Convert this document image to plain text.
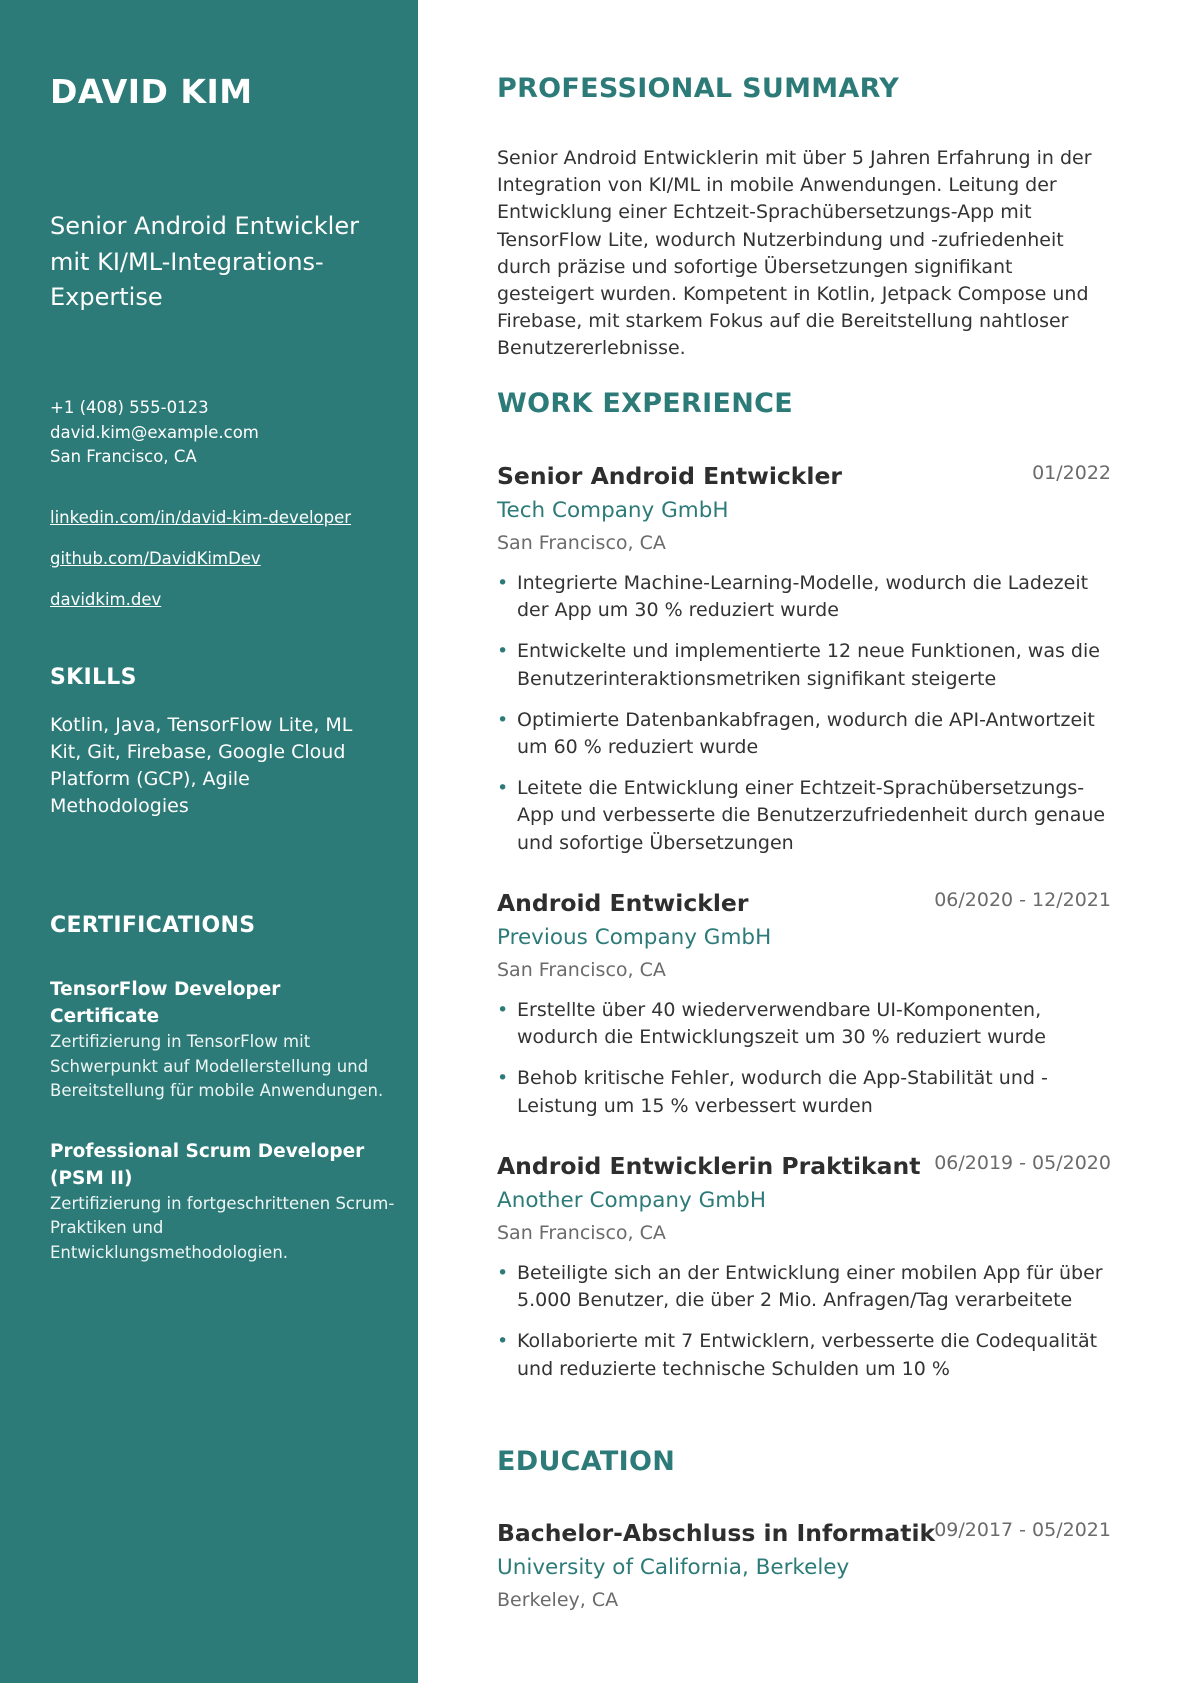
DAVID KIM
Senior Android Entwickler mit KI/ML-Integrations-Expertise
+1 (408) 555-0123
david.kim@example.com
San Francisco, CA
linkedin.com/in/david-kim-developer
github.com/DavidKimDev
davidkim.dev
SKILLS
Kotlin, Java, TensorFlow Lite, ML Kit, Git, Firebase, Google Cloud Platform (GCP), Agile Methodologies
CERTIFICATIONS
TensorFlow Developer Certificate
Zertifizierung in TensorFlow mit Schwerpunkt auf Modellerstellung und Bereitstellung für mobile Anwendungen.
Professional Scrum Developer (PSM II)
Zertifizierung in fortgeschrittenen Scrum-Praktiken und Entwicklungsmethodologien.
PROFESSIONAL SUMMARY

Senior Android Entwicklerin mit über 5 Jahren Erfahrung in der Integration von KI/ML in mobile Anwendungen. Leitung der Entwicklung einer Echtzeit-Sprachübersetzungs-App mit TensorFlow Lite, wodurch Nutzerbindung und -zufriedenheit durch präzise und sofortige Übersetzungen signifikant gesteigert wurden. Kompetent in Kotlin, Jetpack Compose und Firebase, mit starkem Fokus auf die Bereitstellung nahtloser Benutzererlebnisse.

WORK EXPERIENCE
Senior Android Entwickler	01/2022
Tech Company GmbH
San Francisco, CA
• Integrierte Machine-Learning-Modelle, wodurch die Ladezeit der App um 30 % reduziert wurde
• Entwickelte und implementierte 12 neue Funktionen, was die Benutzerinteraktionsmetriken signifikant steigerte
• Optimierte Datenbankabfragen, wodurch die API-Antwortzeit um 60 % reduziert wurde
• Leitete die Entwicklung einer Echtzeit-Sprachübersetzungs-App und verbesserte die Benutzerzufriedenheit durch genaue und sofortige Übersetzungen
Android Entwickler	06/2020 - 12/2021
Previous Company GmbH
San Francisco, CA
• Erstellte über 40 wiederverwendbare UI-Komponenten, wodurch die Entwicklungszeit um 30 % reduziert wurde
• Behob kritische Fehler, wodurch die App-Stabilität und -Leistung um 15 % verbessert wurden
Android Entwicklerin Praktikant 06/2019 - 05/2020
Another Company GmbH
San Francisco, CA
• Beteiligte sich an der Entwicklung einer mobilen App für über 5.000 Benutzer, die über 2 Mio. Anfragen/Tag verarbeitete
• Kollaborierte mit 7 Entwicklern, verbesserte die Codequalität und reduzierte technische Schulden um 10 %
EDUCATION
Bachelor-Abschluss in Informatik 09/2017 - 05/2021
University of California, Berkeley
Berkeley, CA
